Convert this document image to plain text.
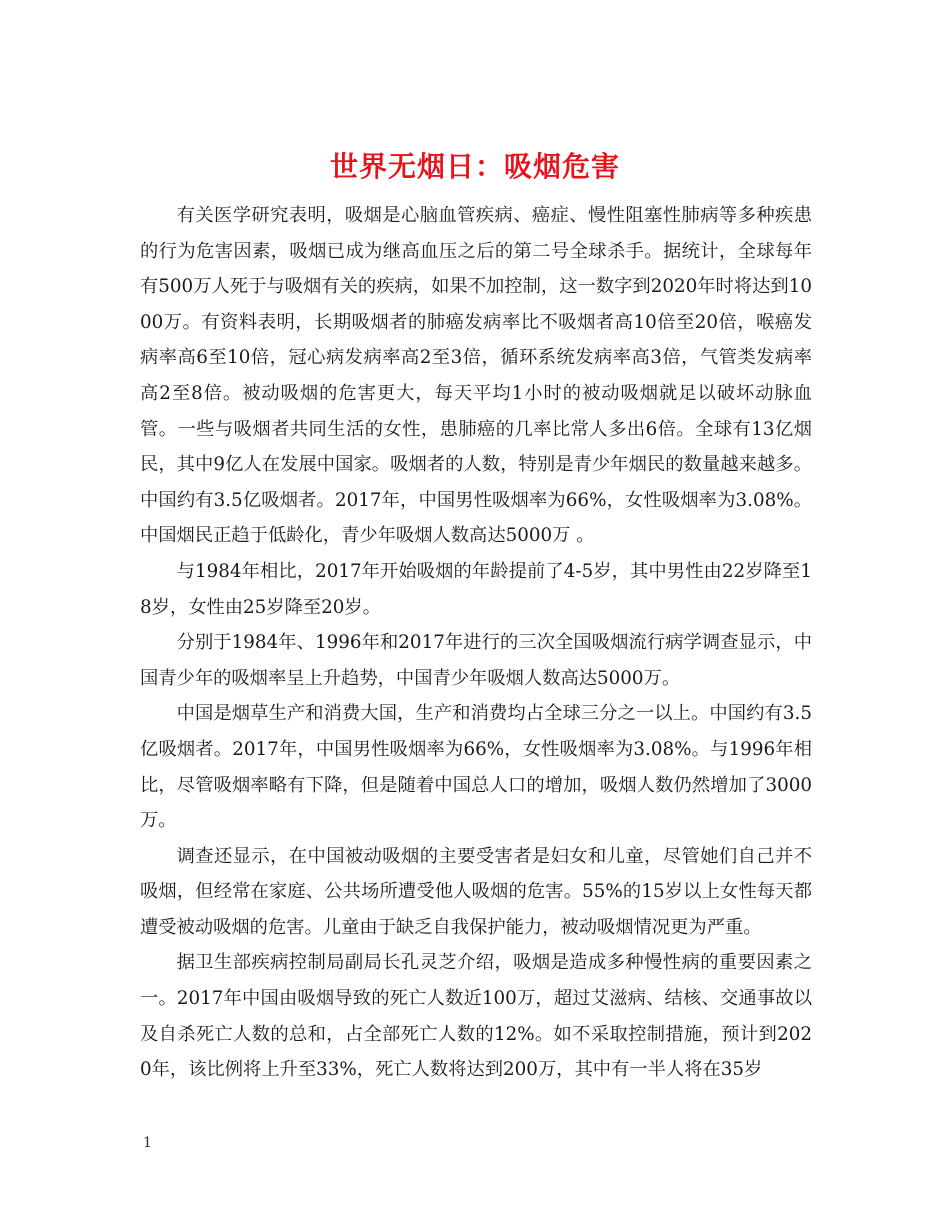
世界无烟日：吸烟危害

有关医学研究表明，吸烟是心脑血管疾病、癌症、慢性阻塞性肺病等多种疾患的行为危害因素，吸烟已成为继高血压之后的第二号全球杀手。据统计，全球每年有500万人死于与吸烟有关的疾病，如果不加控制，这一数字到2020年时将达到1000万。有资料表明，长期吸烟者的肺癌发病率比不吸烟者高10倍至20倍，喉癌发病率高6至10倍，冠心病发病率高2至3倍，循环系统发病率高3倍，气管类发病率高2至8倍。被动吸烟的危害更大，每天平均1小时的被动吸烟就足以破坏动脉血管。一些与吸烟者共同生活的女性，患肺癌的几率比常人多出6倍。全球有13亿烟民，其中9亿人在发展中国家。吸烟者的人数，特别是青少年烟民的数量越来越多。中国约有3.5亿吸烟者。2017年，中国男性吸烟率为66%，女性吸烟率为3.08%。中国烟民正趋于低龄化，青少年吸烟人数高达5000万 。

与1984年相比，2017年开始吸烟的年龄提前了4-5岁，其中男性由22岁降至18岁，女性由25岁降至20岁。

分别于1984年、1996年和2017年进行的三次全国吸烟流行病学调查显示，中国青少年的吸烟率呈上升趋势，中国青少年吸烟人数高达5000万。

中国是烟草生产和消费大国，生产和消费均占全球三分之一以上。中国约有3.5亿吸烟者。2017年，中国男性吸烟率为66%，女性吸烟率为3.08%。与1996年相比，尽管吸烟率略有下降，但是随着中国总人口的增加，吸烟人数仍然增加了3000万。

调查还显示，在中国被动吸烟的主要受害者是妇女和儿童，尽管她们自己并不吸烟，但经常在家庭、公共场所遭受他人吸烟的危害。55%的15岁以上女性每天都遭受被动吸烟的危害。儿童由于缺乏自我保护能力，被动吸烟情况更为严重。

据卫生部疾病控制局副局长孔灵芝介绍，吸烟是造成多种慢性病的重要因素之一。2017年中国由吸烟导致的死亡人数近100万，超过艾滋病、结核、交通事故以及自杀死亡人数的总和，占全部死亡人数的12%。如不采取控制措施，预计到2020年，该比例将上升至33%，死亡人数将达到200万，其中有一半人将在35岁

1
